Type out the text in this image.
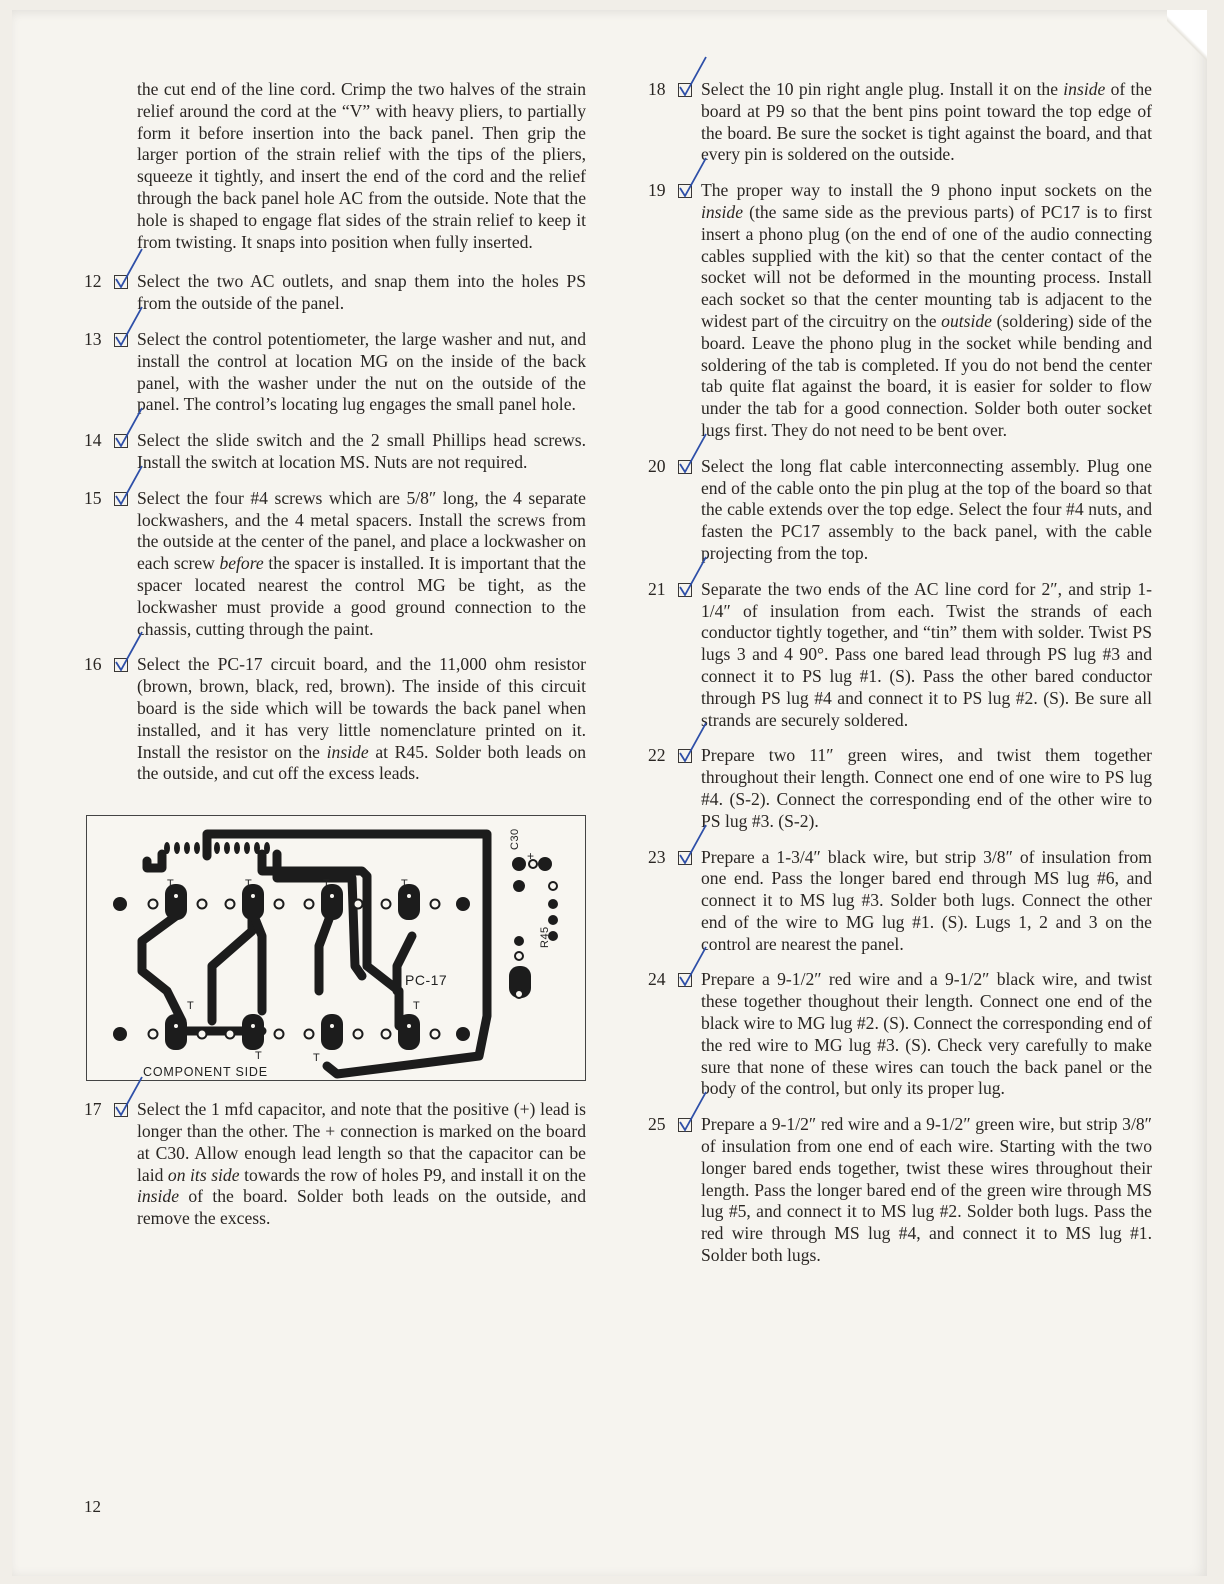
the cut end of the line cord. Crimp the two halves of the strain relief around the cord at the “V” with heavy pliers, to partially form it before insertion into the back panel. Then grip the larger portion of the strain relief with the tips of the pliers, squeeze it tightly, and insert the end of the cord and the relief through the back panel hole AC from the outside. Note that the hole is shaped to engage flat sides of the strain relief to keep it from twisting. It snaps into position when fully inserted.

12 Select the two AC outlets, and snap them into the holes PS from the outside of the panel.
13 Select the control potentiometer, the large washer and nut, and install the control at location MG on the inside of the back panel, with the washer under the nut on the outside of the panel. The control’s locating lug engages the small panel hole.
14 Select the slide switch and the 2 small Phillips head screws. Install the switch at location MS. Nuts are not required.
15 Select the four #4 screws which are 5/8″ long, the 4 separate lockwashers, and the 4 metal spacers. Install the screws from the outside at the center of the panel, and place a lockwasher on each screw before the spacer is installed. It is important that the spacer located nearest the control MG be tight, as the lockwasher must provide a good ground connection to the chassis, cutting through the paint.
16 Select the PC-17 circuit board, and the 11,000 ohm resistor (brown, brown, black, red, brown). The inside of this circuit board is the side which will be towards the back panel when installed, and it has very little nomenclature printed on it. Install the resistor on the inside at R45. Solder both leads on the outside, and cut off the excess leads.
PC-17
COMPONENT SIDE
C30
+
R45
T	T	T	T
T
T	T
T
17 Select the 1 mfd capacitor, and note that the positive (+) lead is longer than the other. The + connection is marked on the board at C30. Allow enough lead length so that the capacitor can be laid on its side towards the row of holes P9, and install it on the inside of the board. Solder both leads on the outside, and remove the excess.
18 Select the 10 pin right angle plug. Install it on the inside of the board at P9 so that the bent pins point toward the top edge of the board. Be sure the socket is tight against the board, and that every pin is soldered on the outside.
19 The proper way to install the 9 phono input sockets on the inside (the same side as the previous parts) of PC17 is to first insert a phono plug (on the end of one of the audio connecting cables supplied with the kit) so that the center contact of the socket will not be deformed in the mounting process. Install each socket so that the center mounting tab is adjacent to the widest part of the circuitry on the outside (soldering) side of the board. Leave the phono plug in the socket while bending and soldering of the tab is completed. If you do not bend the center tab quite flat against the board, it is easier for solder to flow under the tab for a good connection. Solder both outer socket lugs first. They do not need to be bent over.
20 Select the long flat cable interconnecting assembly. Plug one end of the cable onto the pin plug at the top of the board so that the cable extends over the top edge. Select the four #4 nuts, and fasten the PC17 assembly to the back panel, with the cable projecting from the top.
21 Separate the two ends of the AC line cord for 2″, and strip 1-1/4″ of insulation from each. Twist the strands of each conductor tightly together, and “tin” them with solder. Twist PS lugs 3 and 4 90°. Pass one bared lead through PS lug #3 and connect it to PS lug #1. (S). Pass the other bared conductor through PS lug #4 and connect it to PS lug #2. (S). Be sure all strands are securely soldered.
22 Prepare two 11″ green wires, and twist them together throughout their length. Connect one end of one wire to PS lug #4. (S-2). Connect the corresponding end of the other wire to PS lug #3. (S-2).
23 Prepare a 1-3/4″ black wire, but strip 3/8″ of insulation from one end. Pass the longer bared end through MS lug #6, and connect it to MS lug #3. Solder both lugs. Connect the other end of the wire to MG lug #1. (S). Lugs 1, 2 and 3 on the control are nearest the panel.
24 Prepare a 9-1/2″ red wire and a 9-1/2″ black wire, and twist these together thoughout their length. Connect one end of the black wire to MG lug #2. (S). Connect the corresponding end of the red wire to MG lug #3. (S). Check very carefully to make sure that none of these wires can touch the back panel or the body of the control, but only its proper lug.
25 Prepare a 9-1/2″ red wire and a 9-1/2″ green wire, but strip 3/8″ of insulation from one end of each wire. Starting with the two longer bared ends together, twist these wires throughout their length. Pass the longer bared end of the green wire through MS lug #5, and connect it to MS lug #2. Solder both lugs. Pass the red wire through MS lug #4, and connect it to MS lug #1. Solder both lugs.
12
